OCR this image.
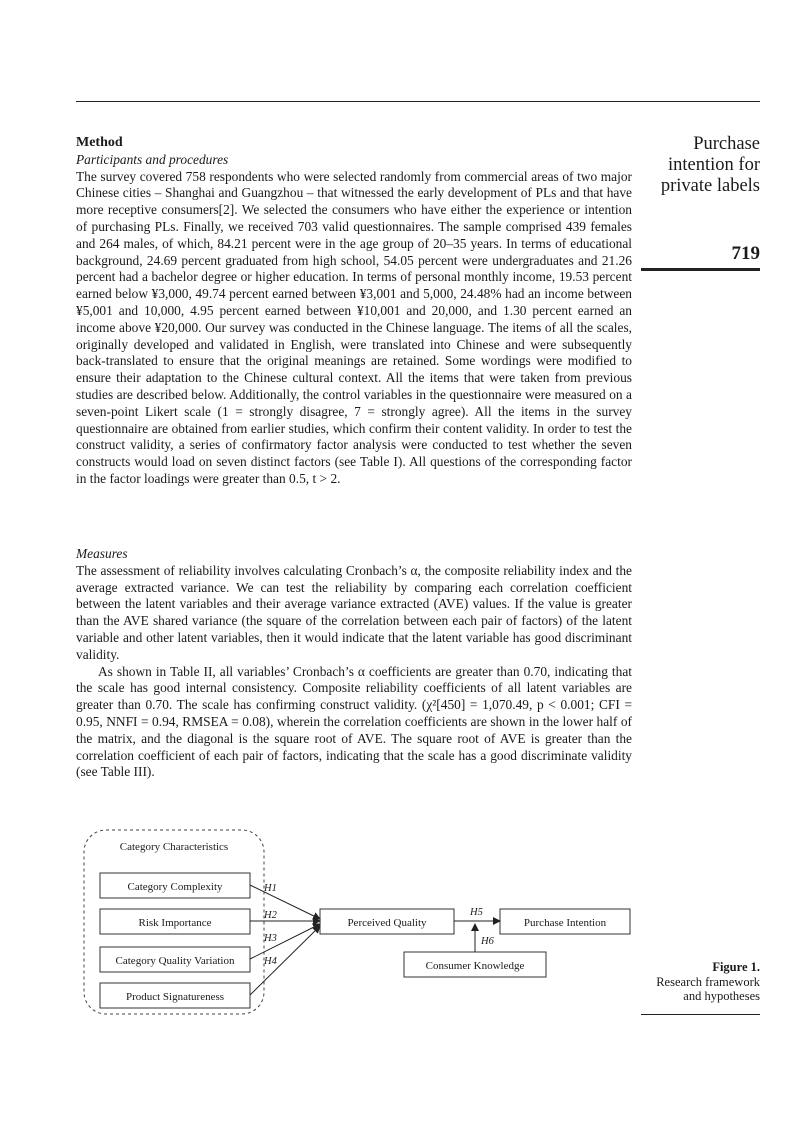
Purchase
intention for
private labels
719

Method

Participants and procedures

The survey covered 758 respondents who were selected randomly from commercial areas of two major Chinese cities – Shanghai and Guangzhou – that witnessed the early development of PLs and that have more receptive consumers[2]. We selected the consumers who have either the experience or intention of purchasing PLs. Finally, we received 703 valid questionnaires. The sample comprised 439 females and 264 males, of which, 84.21 percent were in the age group of 20–35 years. In terms of educational background, 24.69 percent graduated from high school, 54.05 percent were undergraduates and 21.26 percent had a bachelor degree or higher education. In terms of personal monthly income, 19.53 percent earned below ¥3,000, 49.74 percent earned between ¥3,001 and 5,000, 24.48% had an income between ¥5,001 and 10,000, 4.95 percent earned between ¥10,001 and 20,000, and 1.30 percent earned an income above ¥20,000. Our survey was conducted in the Chinese language. The items of all the scales, originally developed and validated in English, were translated into Chinese and were subsequently back-translated to ensure that the original meanings are retained. Some wordings were modified to ensure their adaptation to the Chinese cultural context. All the items that were taken from previous studies are described below. Additionally, the control variables in the questionnaire were measured on a seven-point Likert scale (1 = strongly disagree, 7 = strongly agree). All the items in the survey questionnaire are obtained from earlier studies, which confirm their content validity. In order to test the construct validity, a series of confirmatory factor analysis were conducted to test whether the seven constructs would load on seven distinct factors (see Table I). All questions of the corresponding factor in the factor loadings were greater than 0.5, t > 2.

Measures

The assessment of reliability involves calculating Cronbach’s α, the composite reliability index and the average extracted variance. We can test the reliability by comparing each correlation coefficient between the latent variables and their average variance extracted (AVE) values. If the value is greater than the AVE shared variance (the square of the correlation between each pair of factors) of the latent variable and other latent variables, then it would indicate that the latent variable has good discriminant validity.

As shown in Table II, all variables’ Cronbach’s α coefficients are greater than 0.70, indicating that the scale has good internal consistency. Composite reliability coefficients of all latent variables are greater than 0.70. The scale has confirming construct validity. (χ²[450] = 1,070.49, p < 0.001; CFI = 0.95, NNFI = 0.94, RMSEA = 0.08), wherein the correlation coefficients are shown in the lower half of the matrix, and the diagonal is the square root of AVE. The square root of AVE is greater than the correlation coefficient of each pair of factors, indicating that the scale has a good discriminate validity (see Table III).

Category Characteristics
Category Complexity
Risk Importance
Category Quality Variation
Product Signatureness
Perceived Quality	Purchase Intention
Consumer Knowledge
H1
H2
H3
H4
H5
H6
Figure 1.
Research framework
and hypotheses
